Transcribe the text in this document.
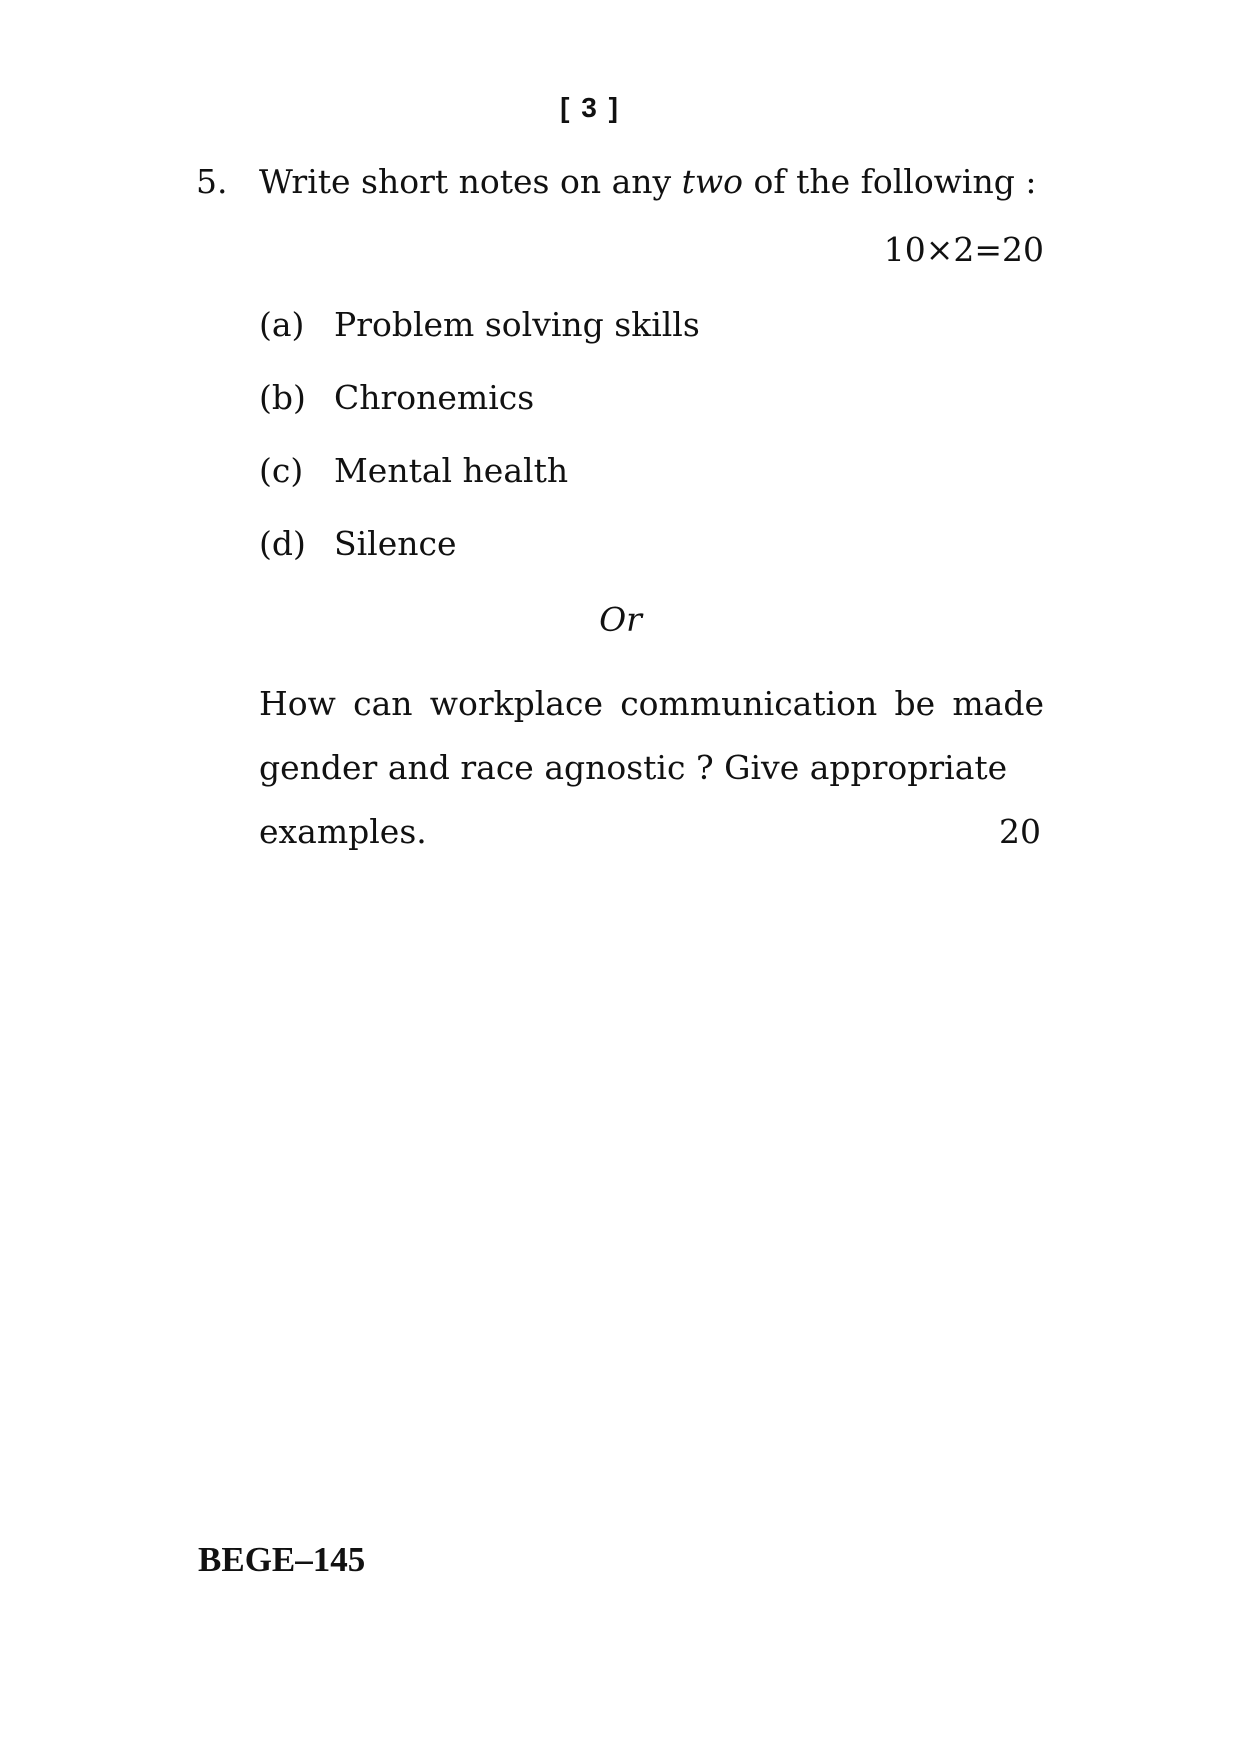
[ 3 ]
5. Write short notes on any two of the following :
10×2=20
(a) Problem solving skills
(b) Chronemics
(c) Mental health
(d) Silence
Or
How can workplace communication be made gender and race agnostic ? Give appropriate
examples.	20
BEGE–145
